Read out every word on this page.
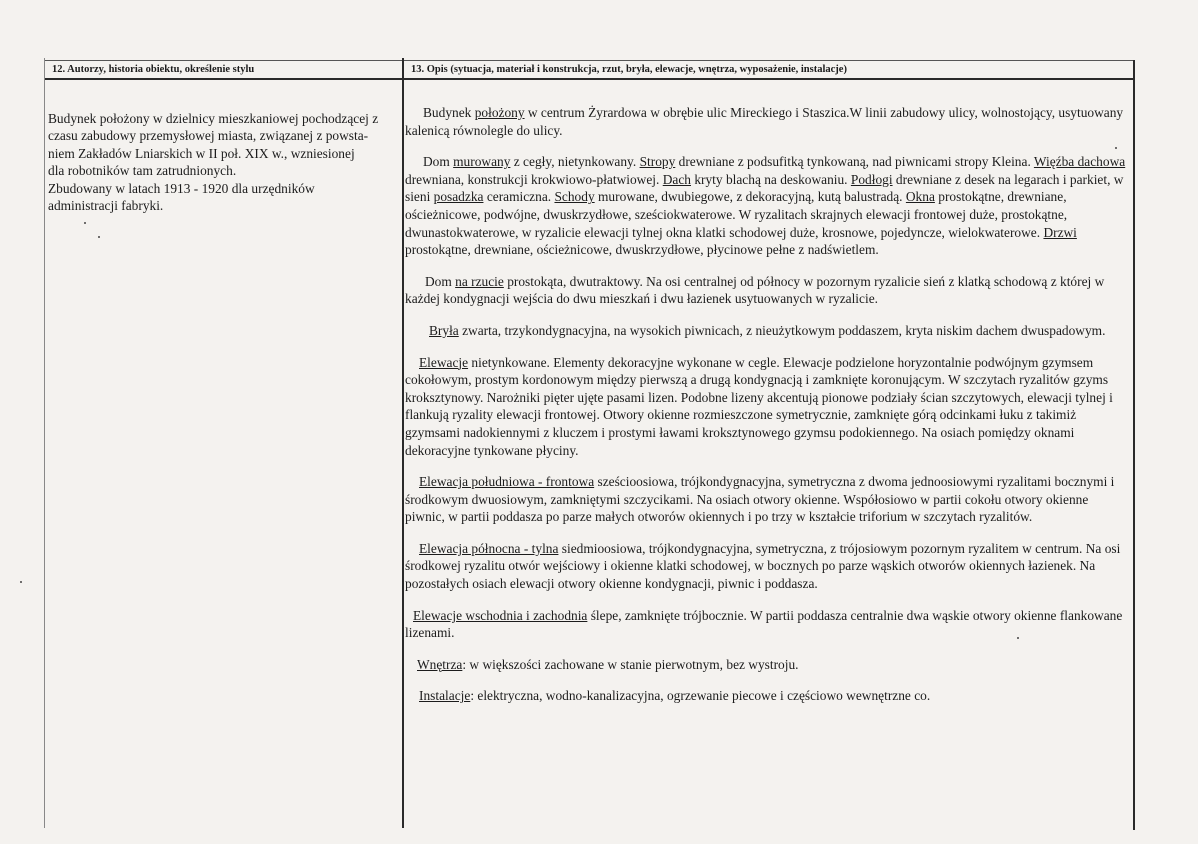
12. Autorzy, historia obiektu, określenie stylu	13. Opis (sytuacja, materiał i konstrukcja, rzut, bryła, elewacje, wnętrza, wyposażenie, instalacje)
Budynek położony w dzielnicy mieszkaniowej pochodzącej z
czasu zabudowy przemysłowej miasta, związanej z powsta-
niem Zakładów Lniarskich w II poł. XIX w., wzniesionej
dla robotników tam zatrudnionych.
Zbudowany w latach 1913 - 1920 dla urzędników
administracji fabryki.

Budynek położony w centrum Żyrardowa w obrębie ulic Mireckiego i Staszica.W linii zabudowy ulicy, wolnostojący, usytuowany kalenicą równolegle do ulicy.

Dom murowany z cegły, nietynkowany. Stropy drewniane z podsufitką tynkowaną, nad piwnicami stropy Kleina. Więźba dachowa drewniana, konstrukcji krokwiowo-płatwiowej. Dach kryty blachą na deskowaniu. Podłogi drewniane z desek na legarach i parkiet, w sieni posadzka ceramiczna. Schody murowane, dwubiegowe, z dekoracyjną, kutą balustradą. Okna prostokątne, drewniane, ościeżnicowe, podwójne, dwuskrzydłowe, sześciokwaterowe. W ryzalitach skrajnych elewacji frontowej duże, prostokątne, dwunastokwaterowe, w ryzalicie elewacji tylnej okna klatki schodowej duże, krosnowe, pojedyncze, wielokwaterowe. Drzwi prostokątne, drewniane, ościeżnicowe, dwuskrzydłowe, płycinowe pełne z nadświetlem.

Dom na rzucie prostokąta, dwutraktowy. Na osi centralnej od północy w pozornym ryzalicie sień z klatką schodową z której w każdej kondygnacji wejścia do dwu mieszkań i dwu łazienek usytuowanych w ryzalicie.

Bryła zwarta, trzykondygnacyjna, na wysokich piwnicach, z nieużytkowym poddaszem, kryta niskim dachem dwuspadowym.

Elewacje nietynkowane. Elementy dekoracyjne wykonane w cegle. Elewacje podzielone horyzontalnie podwójnym gzymsem cokołowym, prostym kordonowym między pierwszą a drugą kondygnacją i zamknięte koronującym. W szczytach ryzalitów gzyms kroksztynowy. Narożniki pięter ujęte pasami lizen. Podobne lizeny akcentują pionowe podziały ścian szczytowych, elewacji tylnej i flankują ryzality elewacji frontowej. Otwory okienne rozmieszczone symetrycznie, zamknięte górą odcinkami łuku z takimiż gzymsami nadokiennymi z kluczem i prostymi ławami kroksztynowego gzymsu podokiennego. Na osiach pomiędzy oknami dekoracyjne tynkowane płyciny.

Elewacja południowa - frontowa sześcioosiowa, trójkondygnacyjna, symetryczna z dwoma jednoosiowymi ryzalitami bocznymi i środkowym dwuosiowym, zamkniętymi szczycikami. Na osiach otwory okienne. Współosiowo w partii cokołu otwory okienne piwnic, w partii poddasza po parze małych otworów okiennych i po trzy w kształcie triforium w szczytach ryzalitów.

Elewacja północna - tylna siedmioosiowa, trójkondygnacyjna, symetryczna, z trójosiowym pozornym ryzalitem w centrum. Na osi środkowej ryzalitu otwór wejściowy i okienne klatki schodowej, w bocznych po parze wąskich otworów okiennych łazienek. Na pozostałych osiach elewacji otwory okienne kondygnacji, piwnic i poddasza.

Elewacje wschodnia i zachodnia ślepe, zamknięte trójbocznie. W partii poddasza centralnie dwa wąskie otwory okienne flankowane lizenami.

Wnętrza: w większości zachowane w stanie pierwotnym, bez wystroju.

Instalacje: elektryczna, wodno-kanalizacyjna, ogrzewanie piecowe i częściowo wewnętrzne co.
